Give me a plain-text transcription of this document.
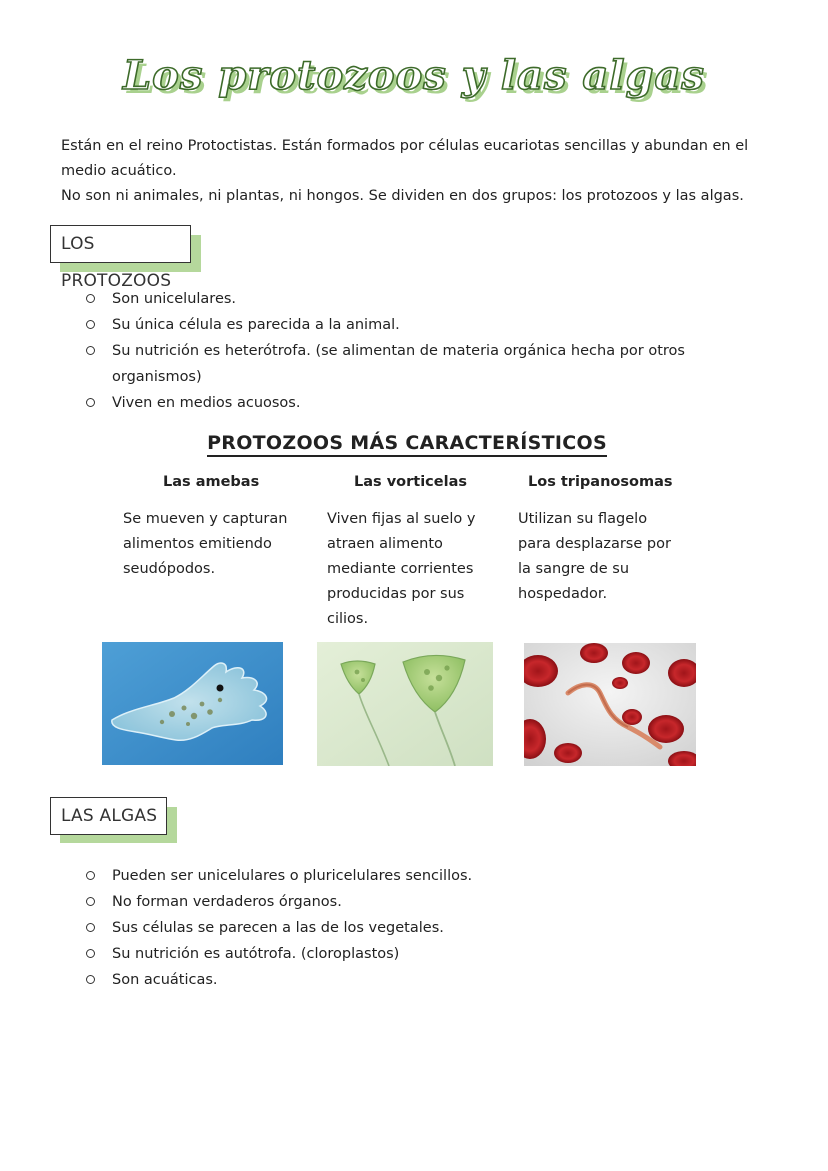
Los protozoos y las algas

Están en el reino Protoctistas. Están formados por células eucariotas sencillas y abundan en el medio acuático.

No son ni animales, ni plantas, ni hongos. Se dividen en dos grupos: los protozoos y las algas.

LOS PROTOZOOS
Son unicelulares.
Su única célula es parecida a la animal.
Su nutrición es heterótrofa. (se alimentan de materia orgánica hecha por otros organismos)
Viven en medios acuosos.
PROTOZOOS MÁS CARACTERÍSTICOS
Las amebas	Las vorticelas	Los tripanosomas
Se mueven y capturan alimentos emitiendo seudópodos.
Viven fijas al suelo y atraen alimento mediante corrientes producidas por sus cilios.
Utilizan su flagelo para desplazarse por la sangre de su hospedador.
LAS ALGAS
Pueden ser unicelulares o pluricelulares sencillos.
No forman verdaderos órganos.
Sus células se parecen a las de los vegetales.
Su nutrición es autótrofa. (cloroplastos)
Son acuáticas.
